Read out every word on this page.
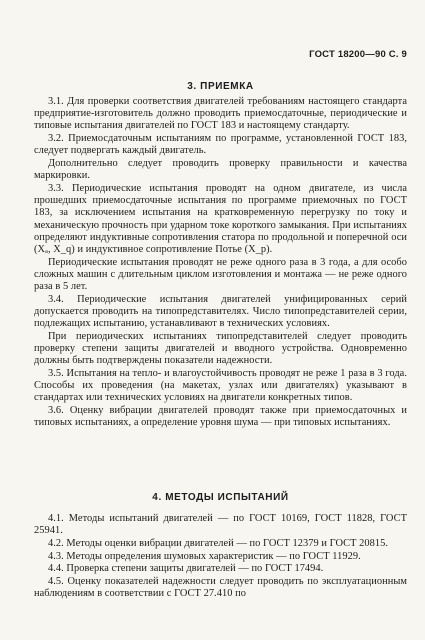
ГОСТ 18200—90 С. 9
3. ПРИЕМКА

3.1. Для проверки соответствия двигателей требованиям настоящего стандарта предприятие-изготовитель должно проводить приемосдаточные, периодические и типовые испытания двигателей по ГОСТ 183 и настоящему стандарту.

3.2. Приемосдаточным испытаниям по программе, установленной ГОСТ 183, следует подвергать каждый двигатель.

Дополнительно следует проводить проверку правильности и качества маркировки.

3.3. Периодические испытания проводят на одном двигателе, из числа прошедших приемосдаточные испытания по программе приемочных по ГОСТ 183, за исключением испытания на кратковременную перегрузку по току и механическую прочность при ударном токе короткого замыкания. При испытаниях определяют индуктивные сопротивления статора по продольной и поперечной оси (Xₐ, X_q) и индуктивное сопротивление Потье (X_p).

Периодические испытания проводят не реже одного раза в 3 года, а для особо сложных машин с длительным циклом изготовления и монтажа — не реже одного раза в 5 лет.

3.4. Периодические испытания двигателей унифицированных серий допускается проводить на типопредставителях. Число типопредставителей серии, подлежащих испытанию, устанавливают в технических условиях.

При периодических испытаниях типопредставителей следует проводить проверку степени защиты двигателей и вводного устройства. Одновременно должны быть подтверждены показатели надежности.

3.5. Испытания на тепло- и влагоустойчивость проводят не реже 1 раза в 3 года. Способы их проведения (на макетах, узлах или двигателях) указывают в стандартах или технических условиях на двигатели конкретных типов.

3.6. Оценку вибрации двигателей проводят также при приемосдаточных и типовых испытаниях, а определение уровня шума — при типовых испытаниях.

4. МЕТОДЫ ИСПЫТАНИЙ

4.1. Методы испытаний двигателей — по ГОСТ 10169, ГОСТ 11828, ГОСТ 25941.

4.2. Методы оценки вибрации двигателей — по ГОСТ 12379 и ГОСТ 20815.

4.3. Методы определения шумовых характеристик — по ГОСТ 11929.

4.4. Проверка степени защиты двигателей — по ГОСТ 17494.

4.5. Оценку показателей надежности следует проводить по эксплуатационным наблюдениям в соответствии с ГОСТ 27.410 по
